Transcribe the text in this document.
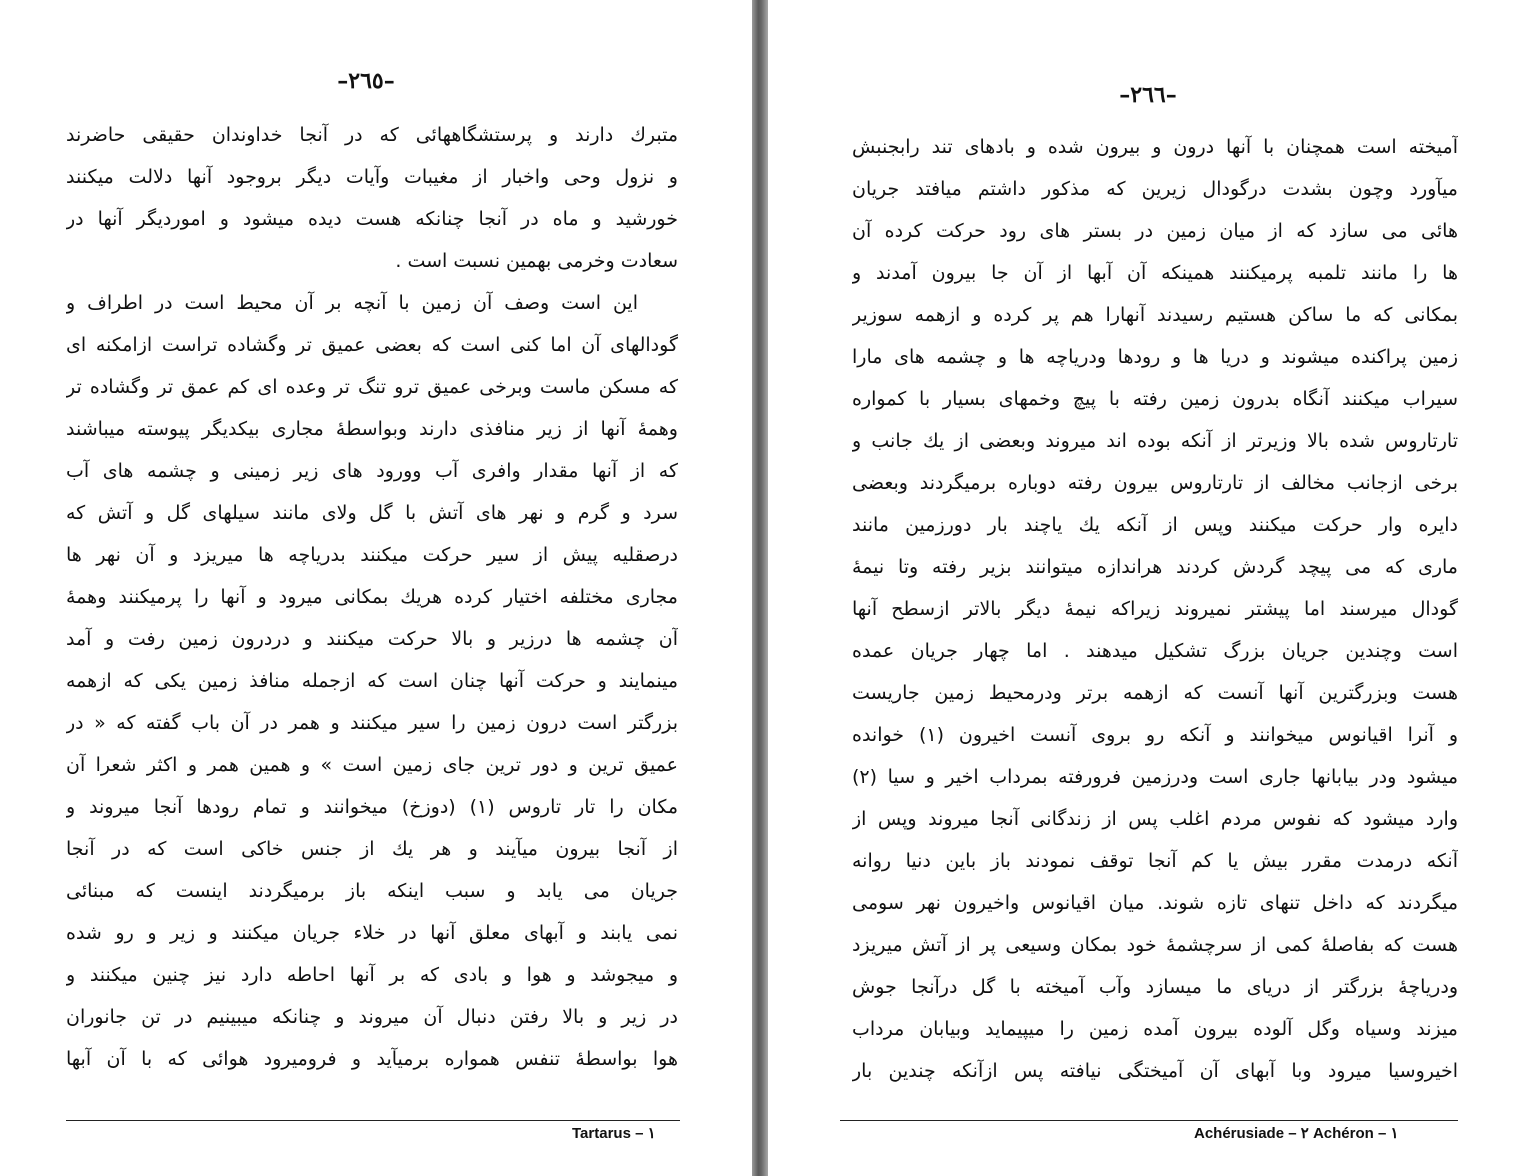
–٢٦٥–
متبرك دارند و پرستشگاههائی که در آنجا خداوندان حقیقی حاضرند
و نزول وحی واخبار از مغیبات وآیات دیگر بروجود آنها دلالت میکنند
خورشید و ماه در آنجا چنانکه هست دیده میشود و اموردیگر آنها در
سعادت وخرمی بهمین نسبت است .
این است وصف آن زمین با آنچه بر آن محیط است در اطراف و
گودالهای آن اما کنی است که بعضی عمیق تر وگشاده تراست ازامکنه ای
که مسکن ماست وبرخی عمیق ترو تنگ تر وعده ای کم عمق تر وگشاده تر
وهمهٔ آنها از زیر منافذی دارند وبواسطهٔ مجاری بیکدیگر پیوسته میباشند
که از آنها مقدار وافری آب وورود های زیر زمینی و چشمه های آب
سرد و گرم و نهر های آتش با گل ولای مانند سیلهای گل و آتش که
درصقلیه پیش از سیر حرکت میکنند بدریاچه ها میریزد و آن نهر ها
مجاری مختلفه اختیار کرده هریك بمکانی میرود و آنها را پرمیکنند وهمهٔ
آن چشمه ها درزیر و بالا حرکت میکنند و دردرون زمین رفت و آمد
مینمایند و حرکت آنها چنان است که ازجمله منافذ زمین یکی که ازهمه
بزرگتر است درون زمین را سیر میکنند و همر در آن باب گفته که « در
عمیق ترین و دور ترین جای زمین است » و همین همر و اکثر شعرا آن
مکان را تار تاروس (۱) (دوزخ) میخوانند و تمام رودها آنجا میروند و
از آنجا بیرون میآیند و هر یك از جنس خاکی است که در آنجا
جریان می یابد و سبب اینکه باز برمیگردند اینست که مبنائی
نمی یابند و آبهای معلق آنها در خلاء جریان میکنند و زیر و رو شده
و میجوشد و هوا و بادی که بر آنها احاطه دارد نیز چنین میکنند و
در زیر و بالا رفتن دنبال آن میروند و چنانکه میبینیم در تن جانوران
هوا بواسطهٔ تنفس همواره برمیآید و فرومیرود هوائی که با آن آبها
Tartarus – ۱
–٢٦٦–
آمیخته است همچنان با آنها درون و بیرون شده و بادهای تند رابجنبش
میآورد وچون بشدت درگودال زیرین که مذکور داشتم میافتد جریان
هائی می سازد که از میان زمین در بستر های رود حرکت کرده آن
ها را مانند تلمبه پرمیکنند همینکه آن آبها از آن جا بیرون آمدند و
بمکانی که ما ساکن هستیم رسیدند آنهارا هم پر کرده و ازهمه سوزیر
زمین پراکنده میشوند و دریا ها و رودها ودریاچه ها و چشمه های مارا
سیراب میکنند آنگاه بدرون زمین رفته با پیچ وخمهای بسیار با کمواره
تارتاروس شده بالا وزیرتر از آنکه بوده اند میروند وبعضی از یك جانب و
برخی ازجانب مخالف از تارتاروس بیرون رفته دوباره برمیگردند وبعضی
دایره وار حرکت میکنند وپس از آنکه یك یاچند بار دورزمین مانند
ماری که می پیچد گردش کردند هراندازه میتوانند بزیر رفته وتا نیمهٔ
گودال میرسند اما پیشتر نمیروند زیراکه نیمهٔ دیگر بالاتر ازسطح آنها
است وچندین جریان بزرگ تشکیل میدهند . اما چهار جریان عمده
هست وبزرگترین آنها آنست که ازهمه برتر ودرمحیط زمین جاریست
و آنرا اقیانوس میخوانند و آنکه رو بروی آنست اخیرون (۱) خوانده
میشود ودر بیابانها جاری است ودرزمین فرورفته بمرداب اخیر و سیا (۲)
وارد میشود که نفوس مردم اغلب پس از زندگانی آنجا میروند وپس از
آنکه درمدت مقرر بیش یا کم آنجا توقف نمودند باز باین دنیا روانه
میگردند که داخل تنهای تازه شوند. میان اقیانوس واخیرون نهر سومی
هست که بفاصلهٔ کمی از سرچشمهٔ خود بمکان وسیعی پر از آتش میریزد
ودریاچهٔ بزرگتر از دریای ما میسازد وآب آمیخته با گل درآنجا جوش
میزند وسیاه وگل آلوده بیرون آمده زمین را میپیماید وبیابان مرداب
اخیروسیا میرود وبا آبهای آن آمیختگی نیافته پس ازآنکه چندین بار
Achérusiade – ۲ Achéron – ۱
